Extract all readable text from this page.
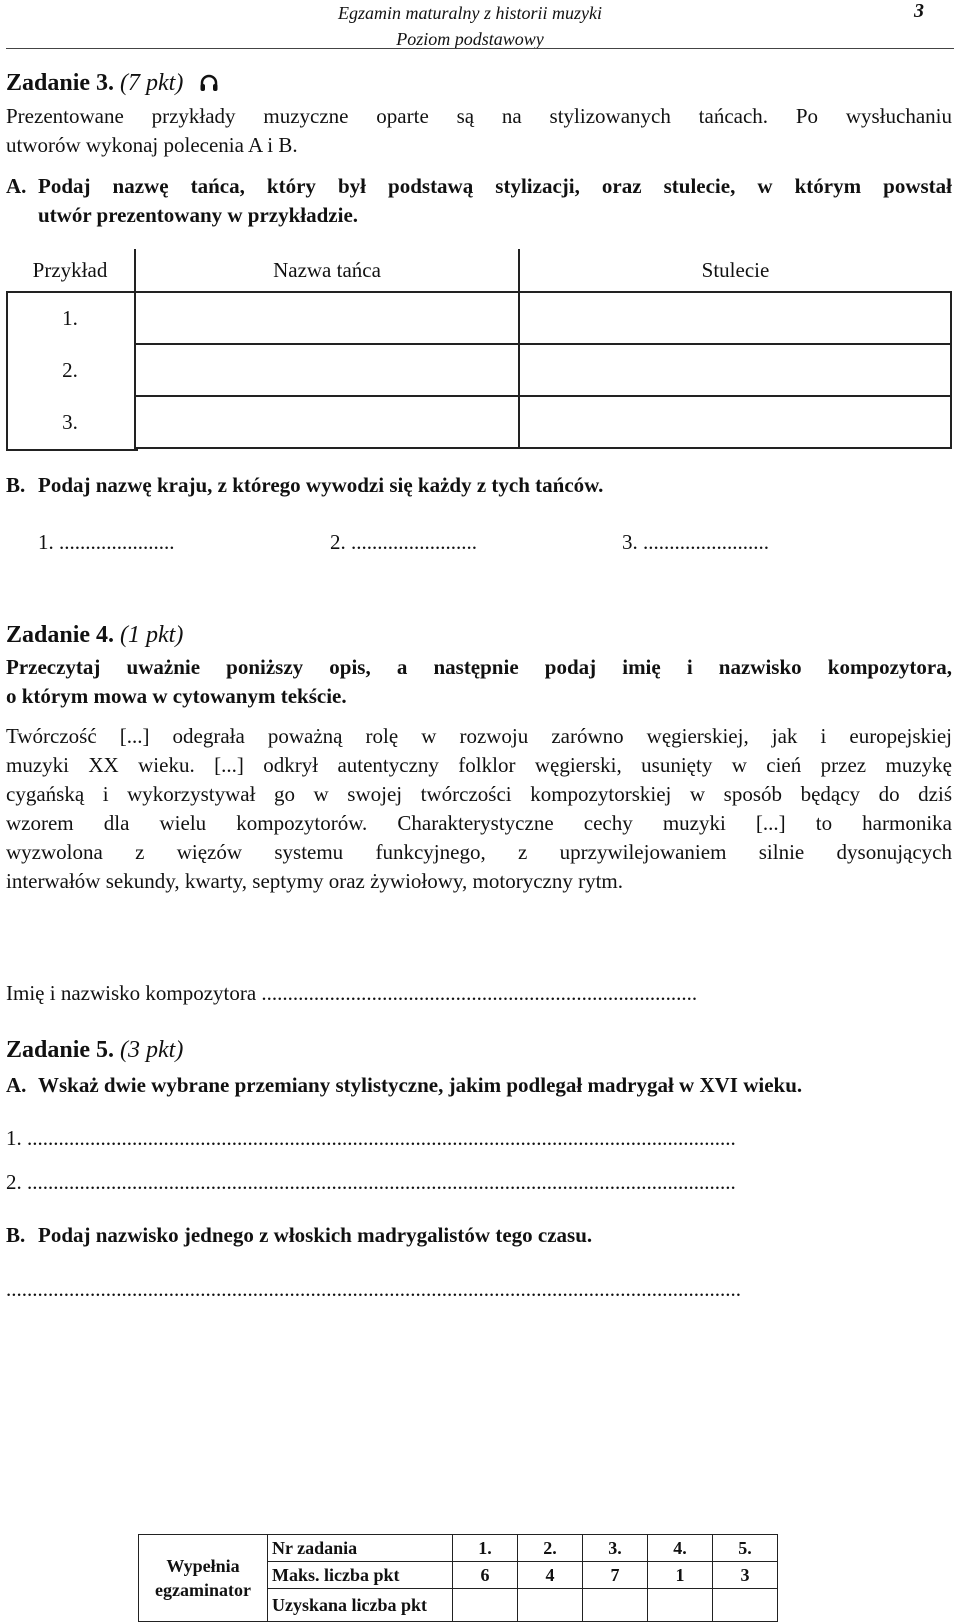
Egzamin maturalny z historii muzyki
Poziom podstawowy
3
Zadanie 3. (7 pkt)
Prezentowane przykłady muzyczne oparte są na stylizowanych tańcach. Po wysłuchaniu
utworów wykonaj polecenia A i B.
A. Podaj nazwę tańca, który był podstawą stylizacji, oraz stulecie, w którym powstał
utwór prezentowany w przykładzie.
Przykład	Nazwa tańca	Stulecie
1.		
2.		
3.		
B. Podaj nazwę kraju, z którego wywodzi się każdy z tych tańców.
1. ......................	2. ........................	3. ........................
Zadanie 4. (1 pkt)
Przeczytaj uważnie poniższy opis, a następnie podaj imię i nazwisko kompozytora,
o którym mowa w cytowanym tekście.
Twórczość [...] odegrała poważną rolę w rozwoju zarówno węgierskiej, jak i europejskiej
muzyki XX wieku. [...] odkrył autentyczny folklor węgierski, usunięty w cień przez muzykę
cygańską i wykorzystywał go w swojej twórczości kompozytorskiej w sposób będący do dziś
wzorem dla wielu kompozytorów. Charakterystyczne cechy muzyki [...] to harmonika
wyzwolona z więzów systemu funkcyjnego, z uprzywilejowaniem silnie dysonujących
interwałów sekundy, kwarty, septymy oraz żywiołowy, motoryczny rytm.
Imię i nazwisko kompozytora ...................................................................................
Zadanie 5. (3 pkt)
A. Wskaż dwie wybrane przemiany stylistyczne, jakim podlegał madrygał w XVI wieku.
1. .......................................................................................................................................
2. .......................................................................................................................................
B. Podaj nazwisko jednego z włoskich madrygalistów tego czasu.
............................................................................................................................................
Wypełnia
egzaminator	Nr zadania	1.	2.	3.	4.	5.
	Maks. liczba pkt	6	4	7	1	3
	Uzyskana liczba pkt					
